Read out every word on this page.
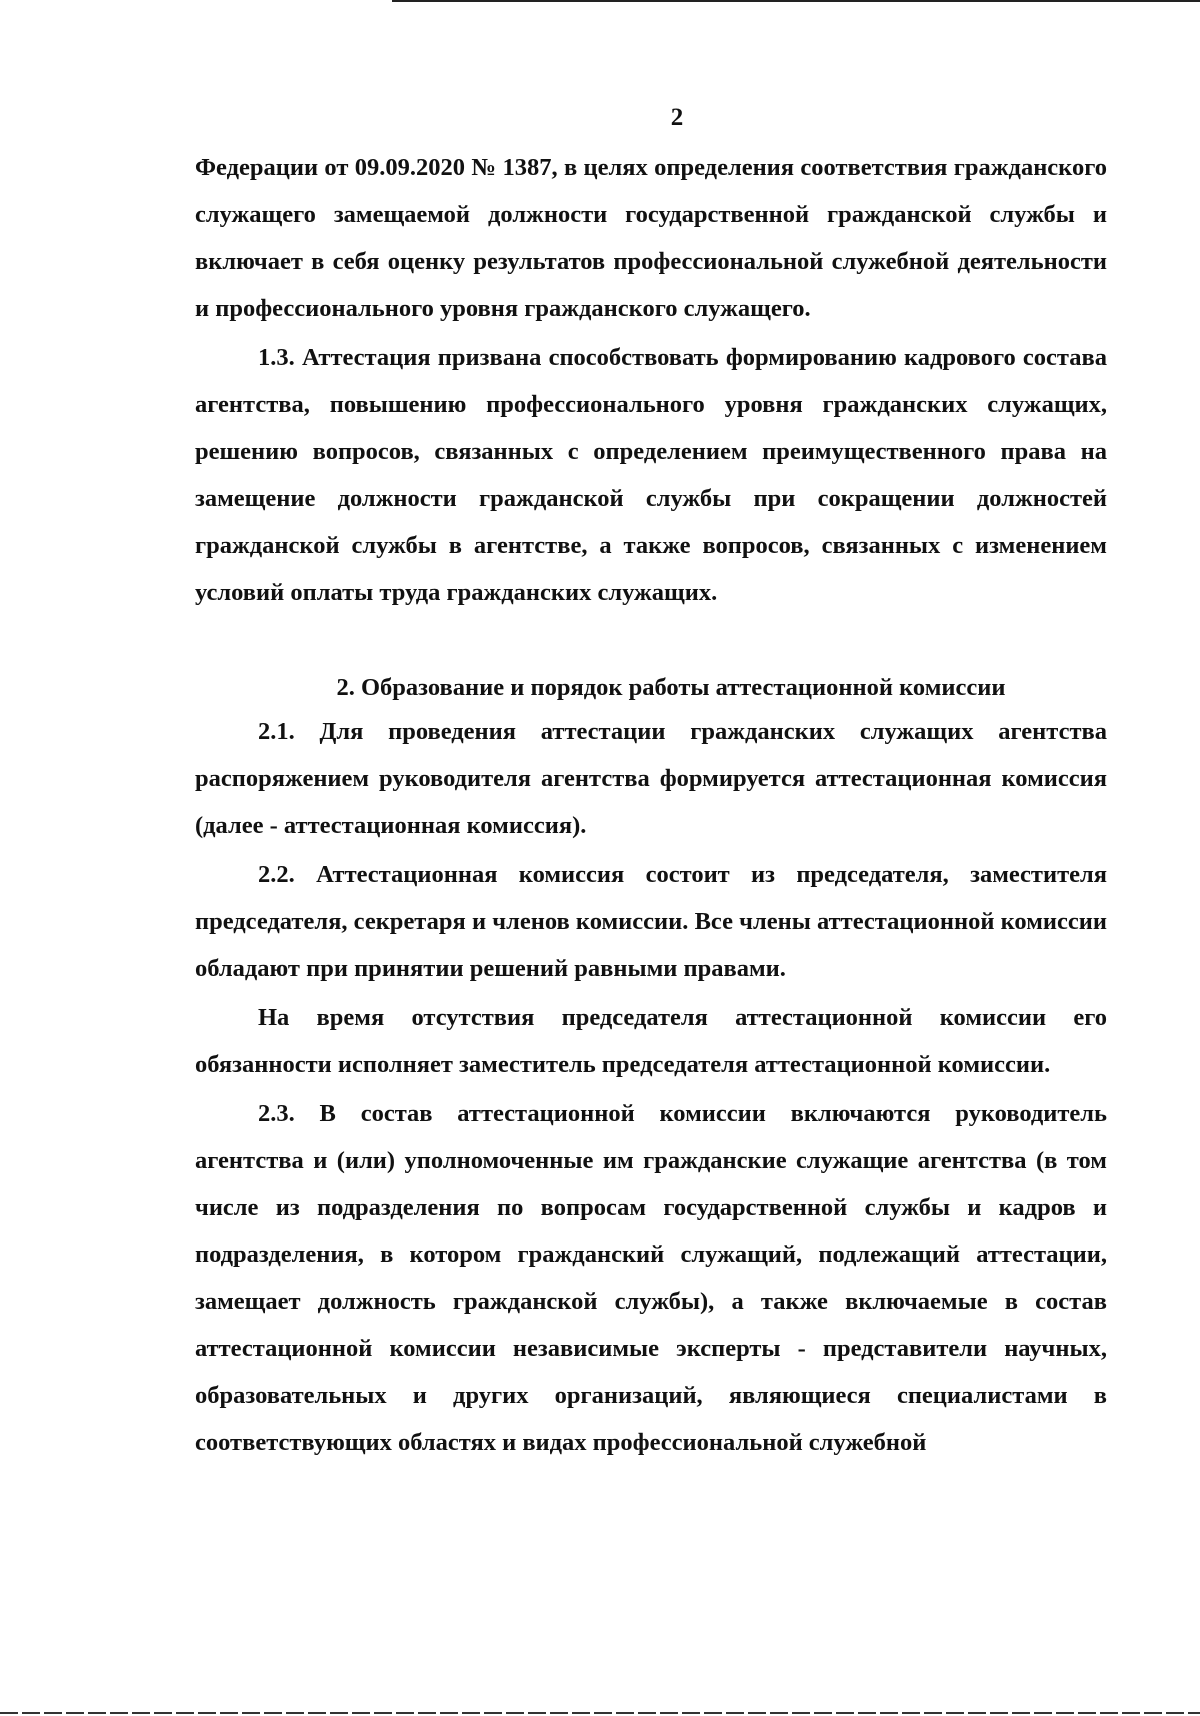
2

Федерации от 09.09.2020 № 1387, в целях определения соответствия гражданского служащего замещаемой должности государственной гражданской службы и включает в себя оценку результатов профессиональной служебной деятельности и профессионального уровня гражданского служащего.

1.3. Аттестация призвана способствовать формированию кадрового состава агентства, повышению профессионального уровня гражданских служащих, решению вопросов, связанных с определением преимущественного права на замещение должности гражданской службы при сокращении должностей гражданской службы в агентстве, а также вопросов, связанных с изменением условий оплаты труда гражданских служащих.

2. Образование и порядок работы аттестационной комиссии

2.1. Для проведения аттестации гражданских служащих агентства распоряжением руководителя агентства формируется аттестационная комиссия (далее - аттестационная комиссия).

2.2. Аттестационная комиссия состоит из председателя, заместителя председателя, секретаря и членов комиссии. Все члены аттестационной комиссии обладают при принятии решений равными правами.

На время отсутствия председателя аттестационной комиссии его обязанности исполняет заместитель председателя аттестационной комиссии.

2.3. В состав аттестационной комиссии включаются руководитель агентства и (или) уполномоченные им гражданские служащие агентства (в том числе из подразделения по вопросам государственной службы и кадров и подразделения, в котором гражданский служащий, подлежащий аттестации, замещает должность гражданской службы), а также включаемые в состав аттестационной комиссии независимые эксперты - представители научных, образовательных и других организаций, являющиеся специалистами в соответствующих областях и видах профессиональной служебной
